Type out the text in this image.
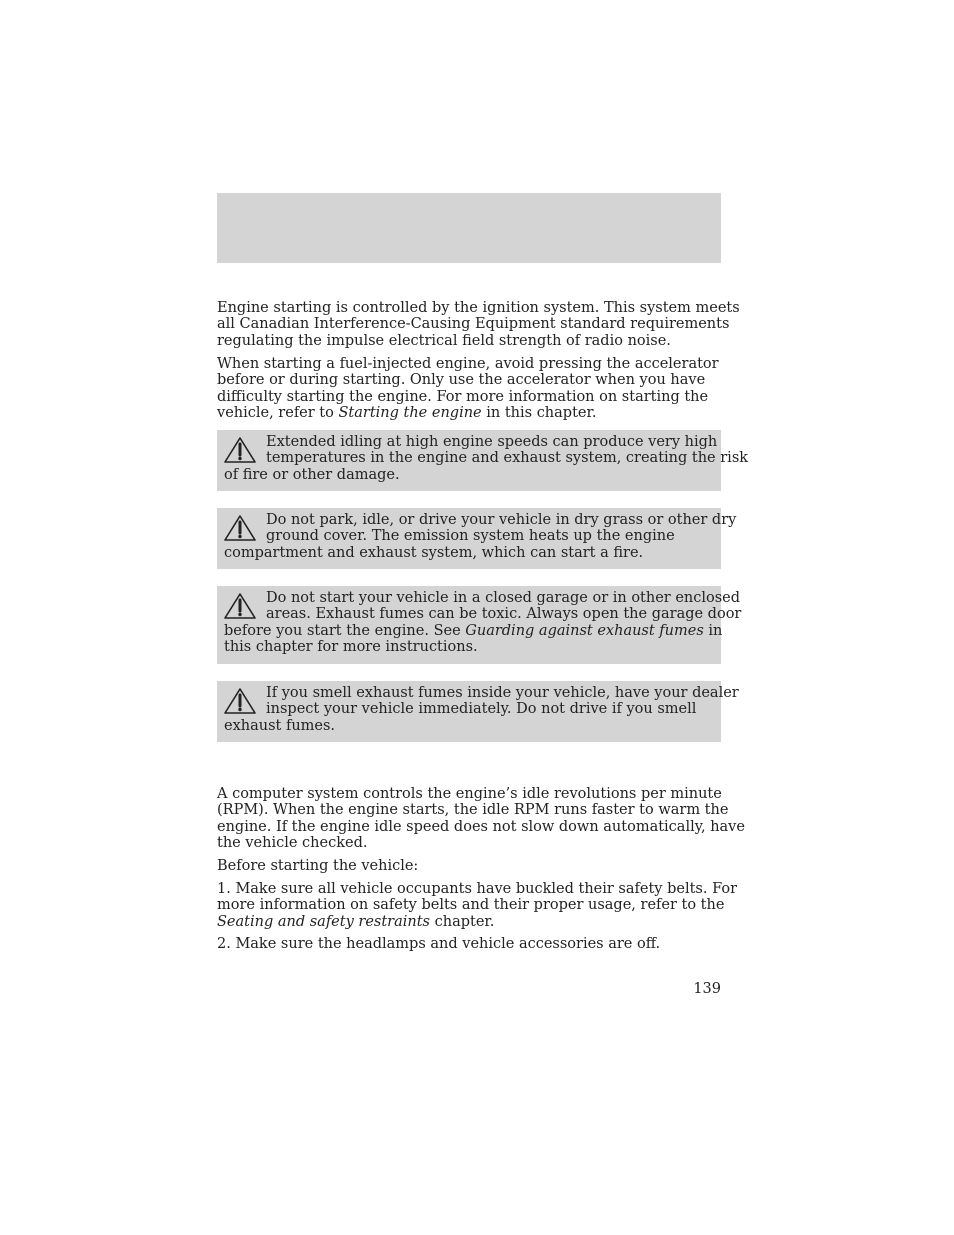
Engine starting is controlled by the ignition system. This system meets
all Canadian Interference-Causing Equipment standard requirements
regulating the impulse electrical field strength of radio noise.

When starting a fuel-injected engine, avoid pressing the accelerator
before or during starting. Only use the accelerator when you have
difficulty starting the engine. For more information on starting the
vehicle, refer to Starting the engine in this chapter.

Extended idling at high engine speeds can produce very high
temperatures in the engine and exhaust system, creating the risk
of fire or other damage.
Do not park, idle, or drive your vehicle in dry grass or other dry
ground cover. The emission system heats up the engine
compartment and exhaust system, which can start a fire.
Do not start your vehicle in a closed garage or in other enclosed
areas. Exhaust fumes can be toxic. Always open the garage door
before you start the engine. See Guarding against exhaust fumes in
this chapter for more instructions.
If you smell exhaust fumes inside your vehicle, have your dealer
inspect your vehicle immediately. Do not drive if you smell
exhaust fumes.

A computer system controls the engine’s idle revolutions per minute
(RPM). When the engine starts, the idle RPM runs faster to warm the
engine. If the engine idle speed does not slow down automatically, have
the vehicle checked.

Before starting the vehicle:

1. Make sure all vehicle occupants have buckled their safety belts. For
more information on safety belts and their proper usage, refer to the
Seating and safety restraints chapter.

2. Make sure the headlamps and vehicle accessories are off.

139
